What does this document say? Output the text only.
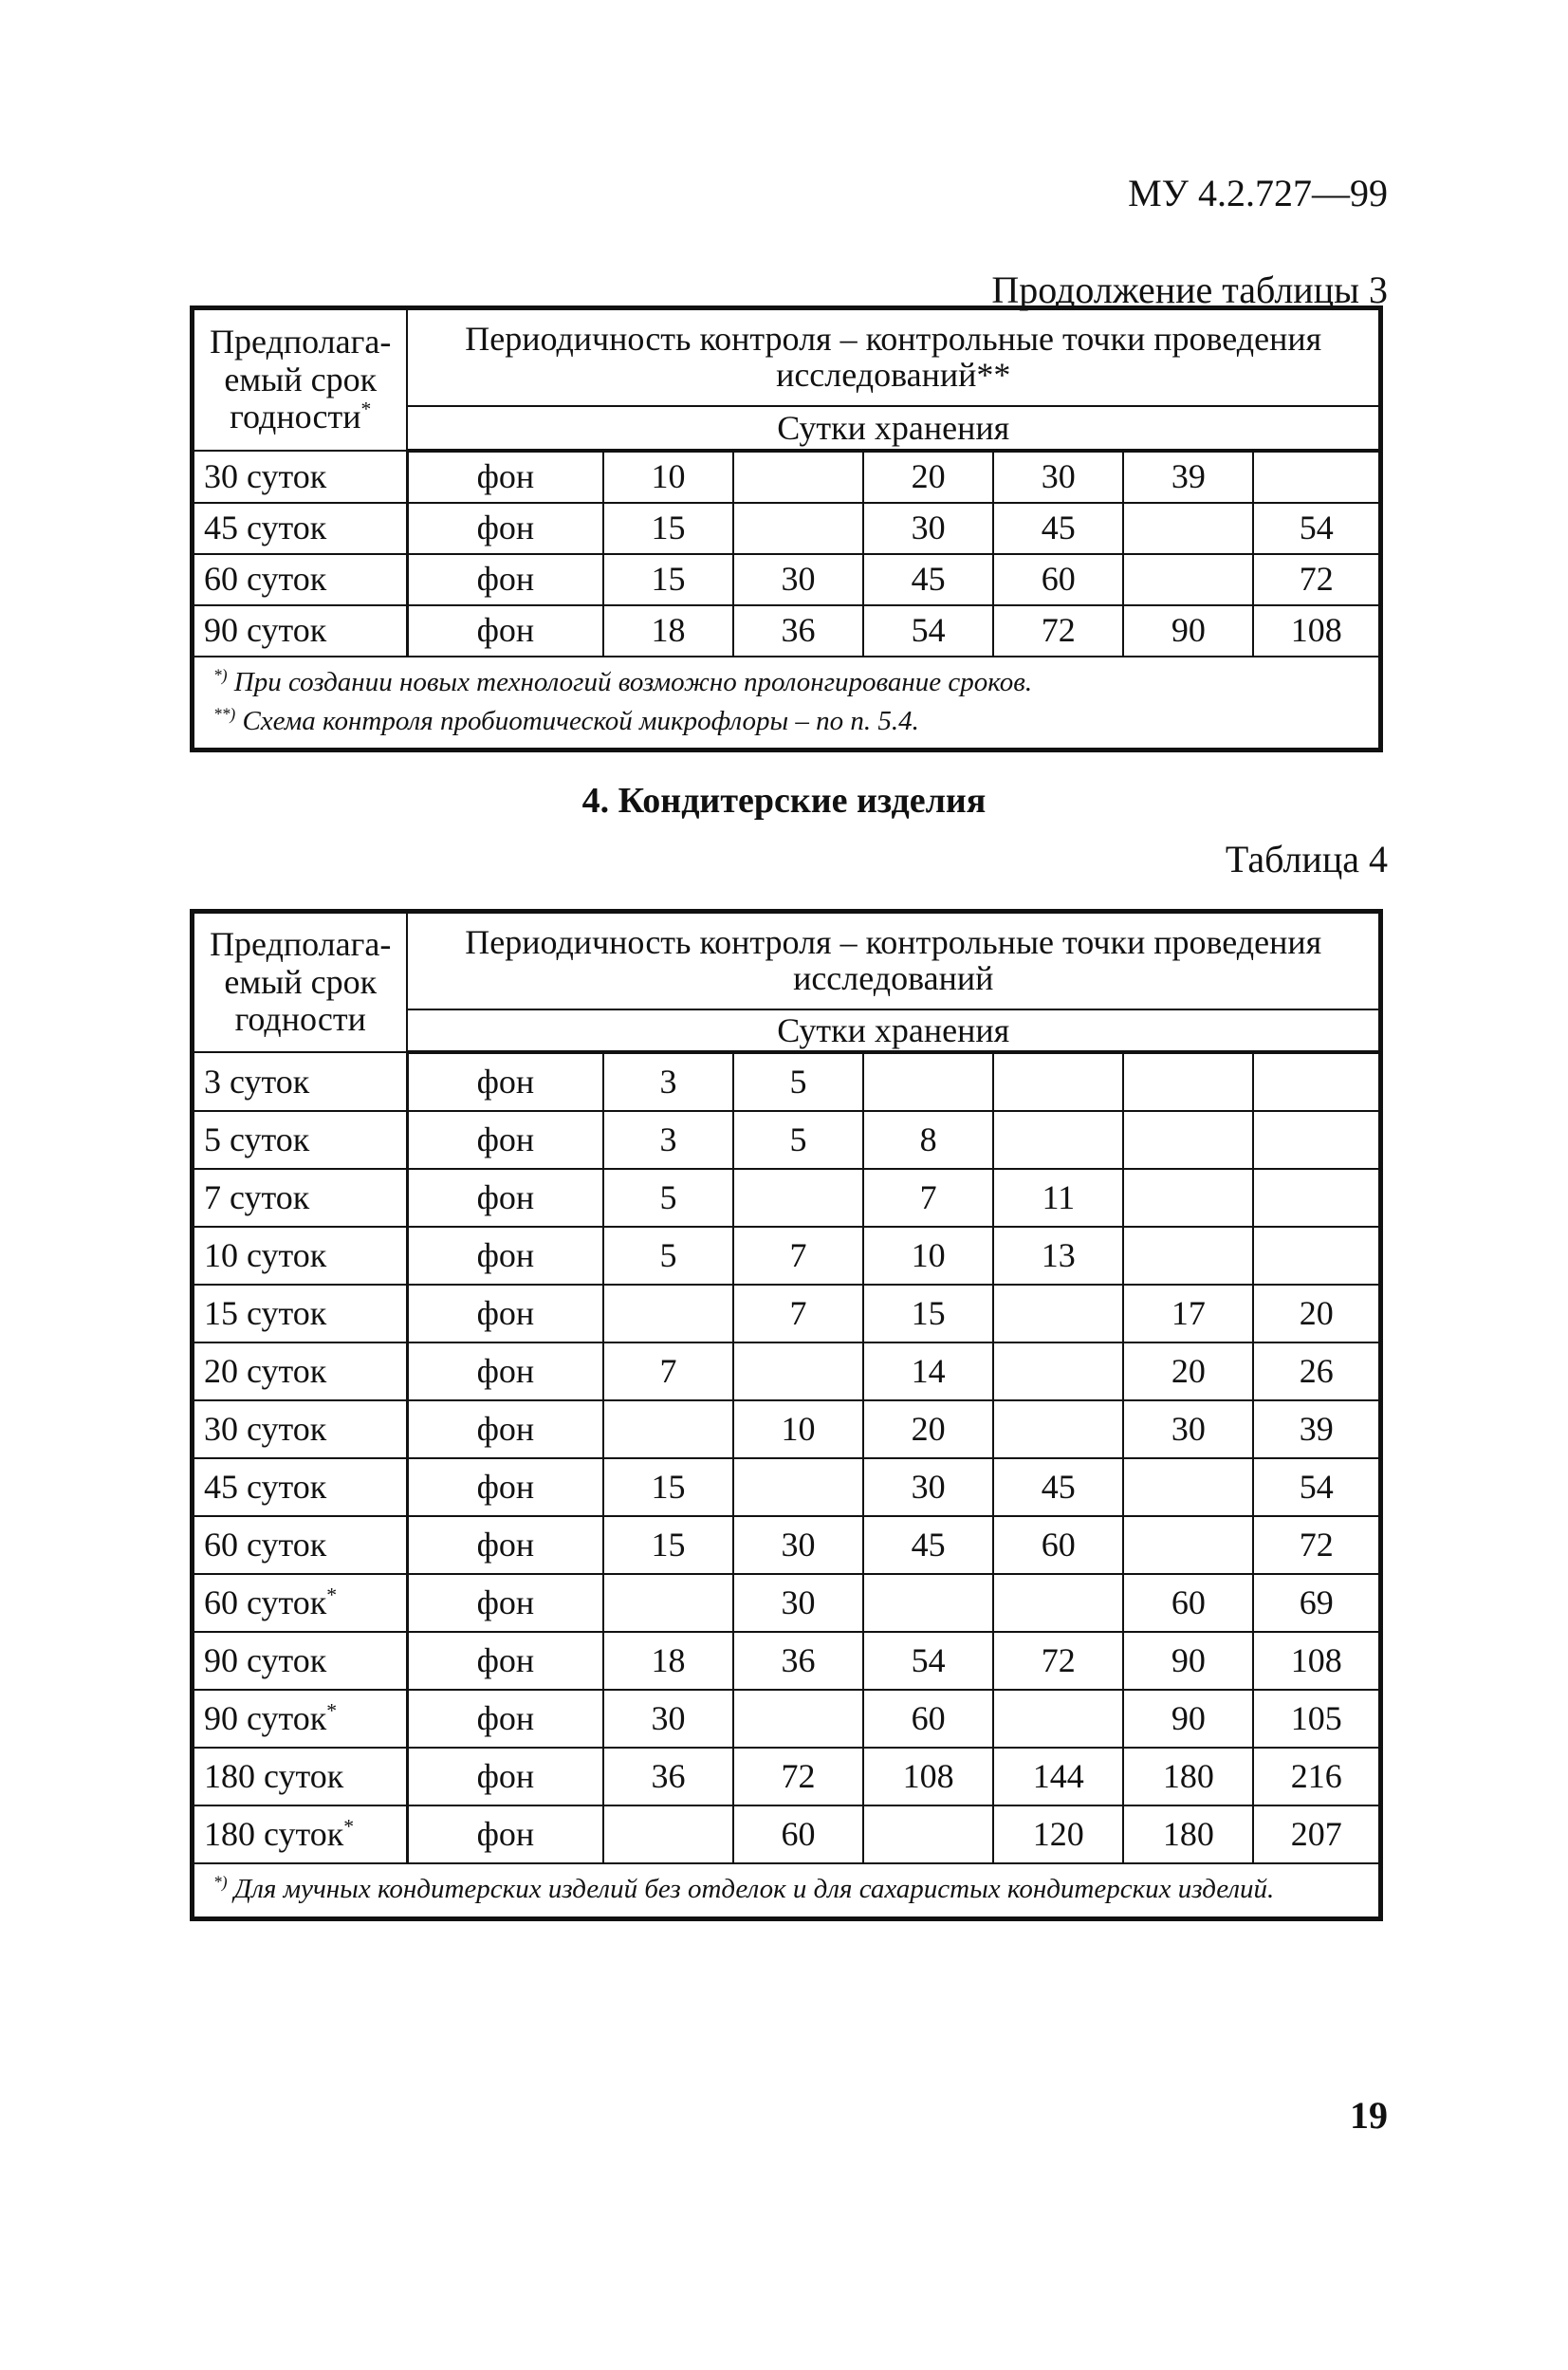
МУ 4.2.727—99
Продолжение таблицы 3
Предполага-емый срок годности*	Периодичность контроля – контрольные точки проведения исследований**						
	Сутки хранения						
30 суток	фон	10		20	30	39	
45 суток	фон	15		30	45		54
60 суток	фон	15	30	45	60		72
90 суток	фон	18	36	54	72	90	108

*) При создании новых технологий возможно пролонгирование сроков.
**) Схема контроля пробиотической микрофлоры – по п. 5.4.							
4. Кондитерские изделия
Таблица 4
Предполага-емый срок годности	Периодичность контроля – контрольные точки проведения исследований						
	Сутки хранения						
3 суток	фон	3	5				
5 суток	фон	3	5	8			
7 суток	фон	5		7	11		
10 суток	фон	5	7	10	13		
15 суток	фон		7	15		17	20
20 суток	фон	7		14		20	26
30 суток	фон		10	20		30	39
45 суток	фон	15		30	45		54
60 суток	фон	15	30	45	60		72
60 суток*	фон		30			60	69
90 суток	фон	18	36	54	72	90	108
90 суток*	фон	30		60		90	105
180 суток	фон	36	72	108	144	180	216
180 суток*	фон		60		120	180	207
*) Для мучных кондитерских изделий без отделок и для сахаристых кондитерских изделий.							
19
